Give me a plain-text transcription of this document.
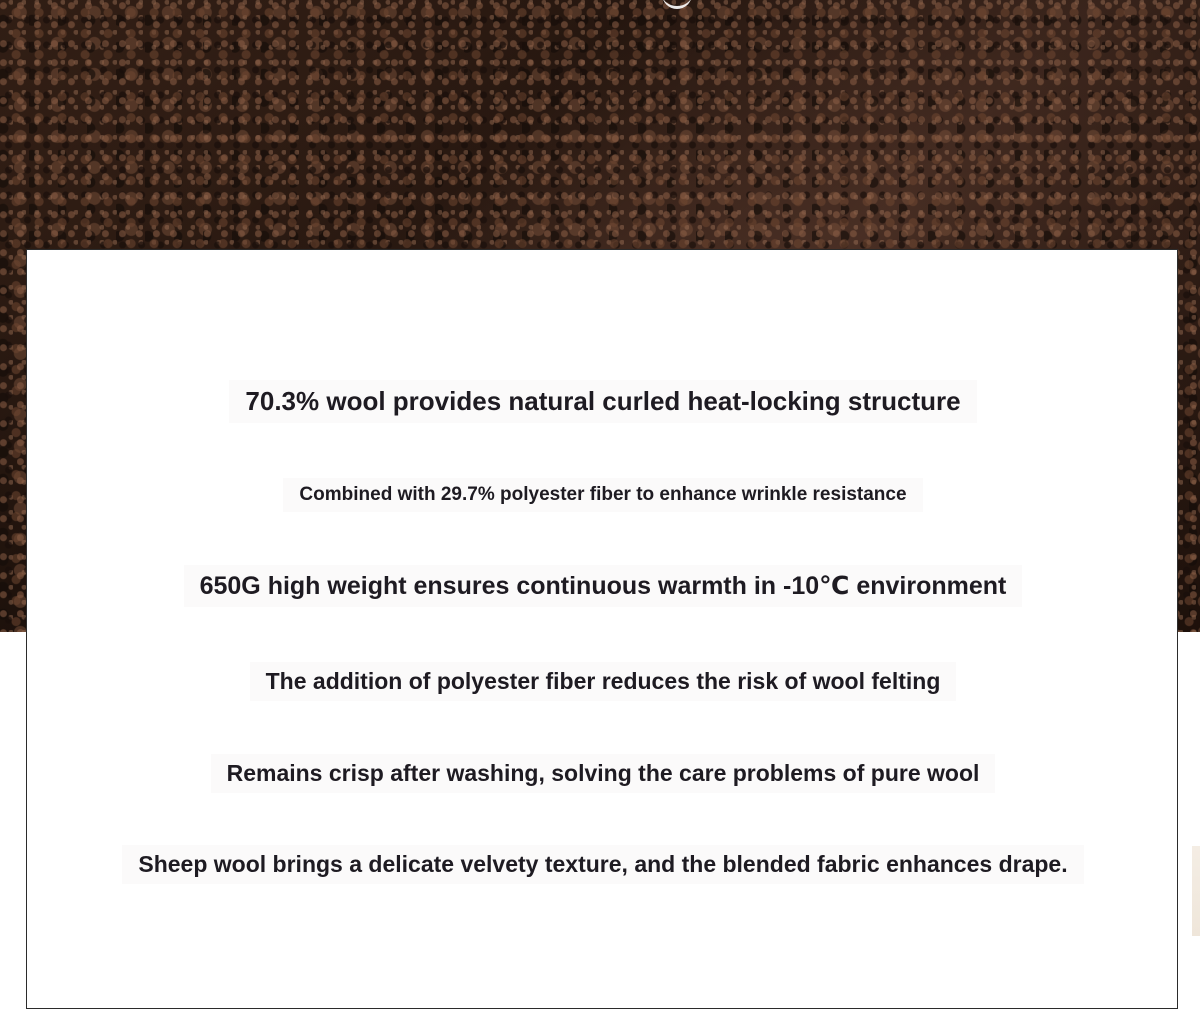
70.3% wool provides natural curled heat-locking structure
Combined with 29.7% polyester fiber to enhance wrinkle resistance
650G high weight ensures continuous warmth in -10℃ environment
The addition of polyester fiber reduces the risk of wool felting
Remains crisp after washing, solving the care problems of pure wool
Sheep wool brings a delicate velvety texture, and the blended fabric enhances drape.
